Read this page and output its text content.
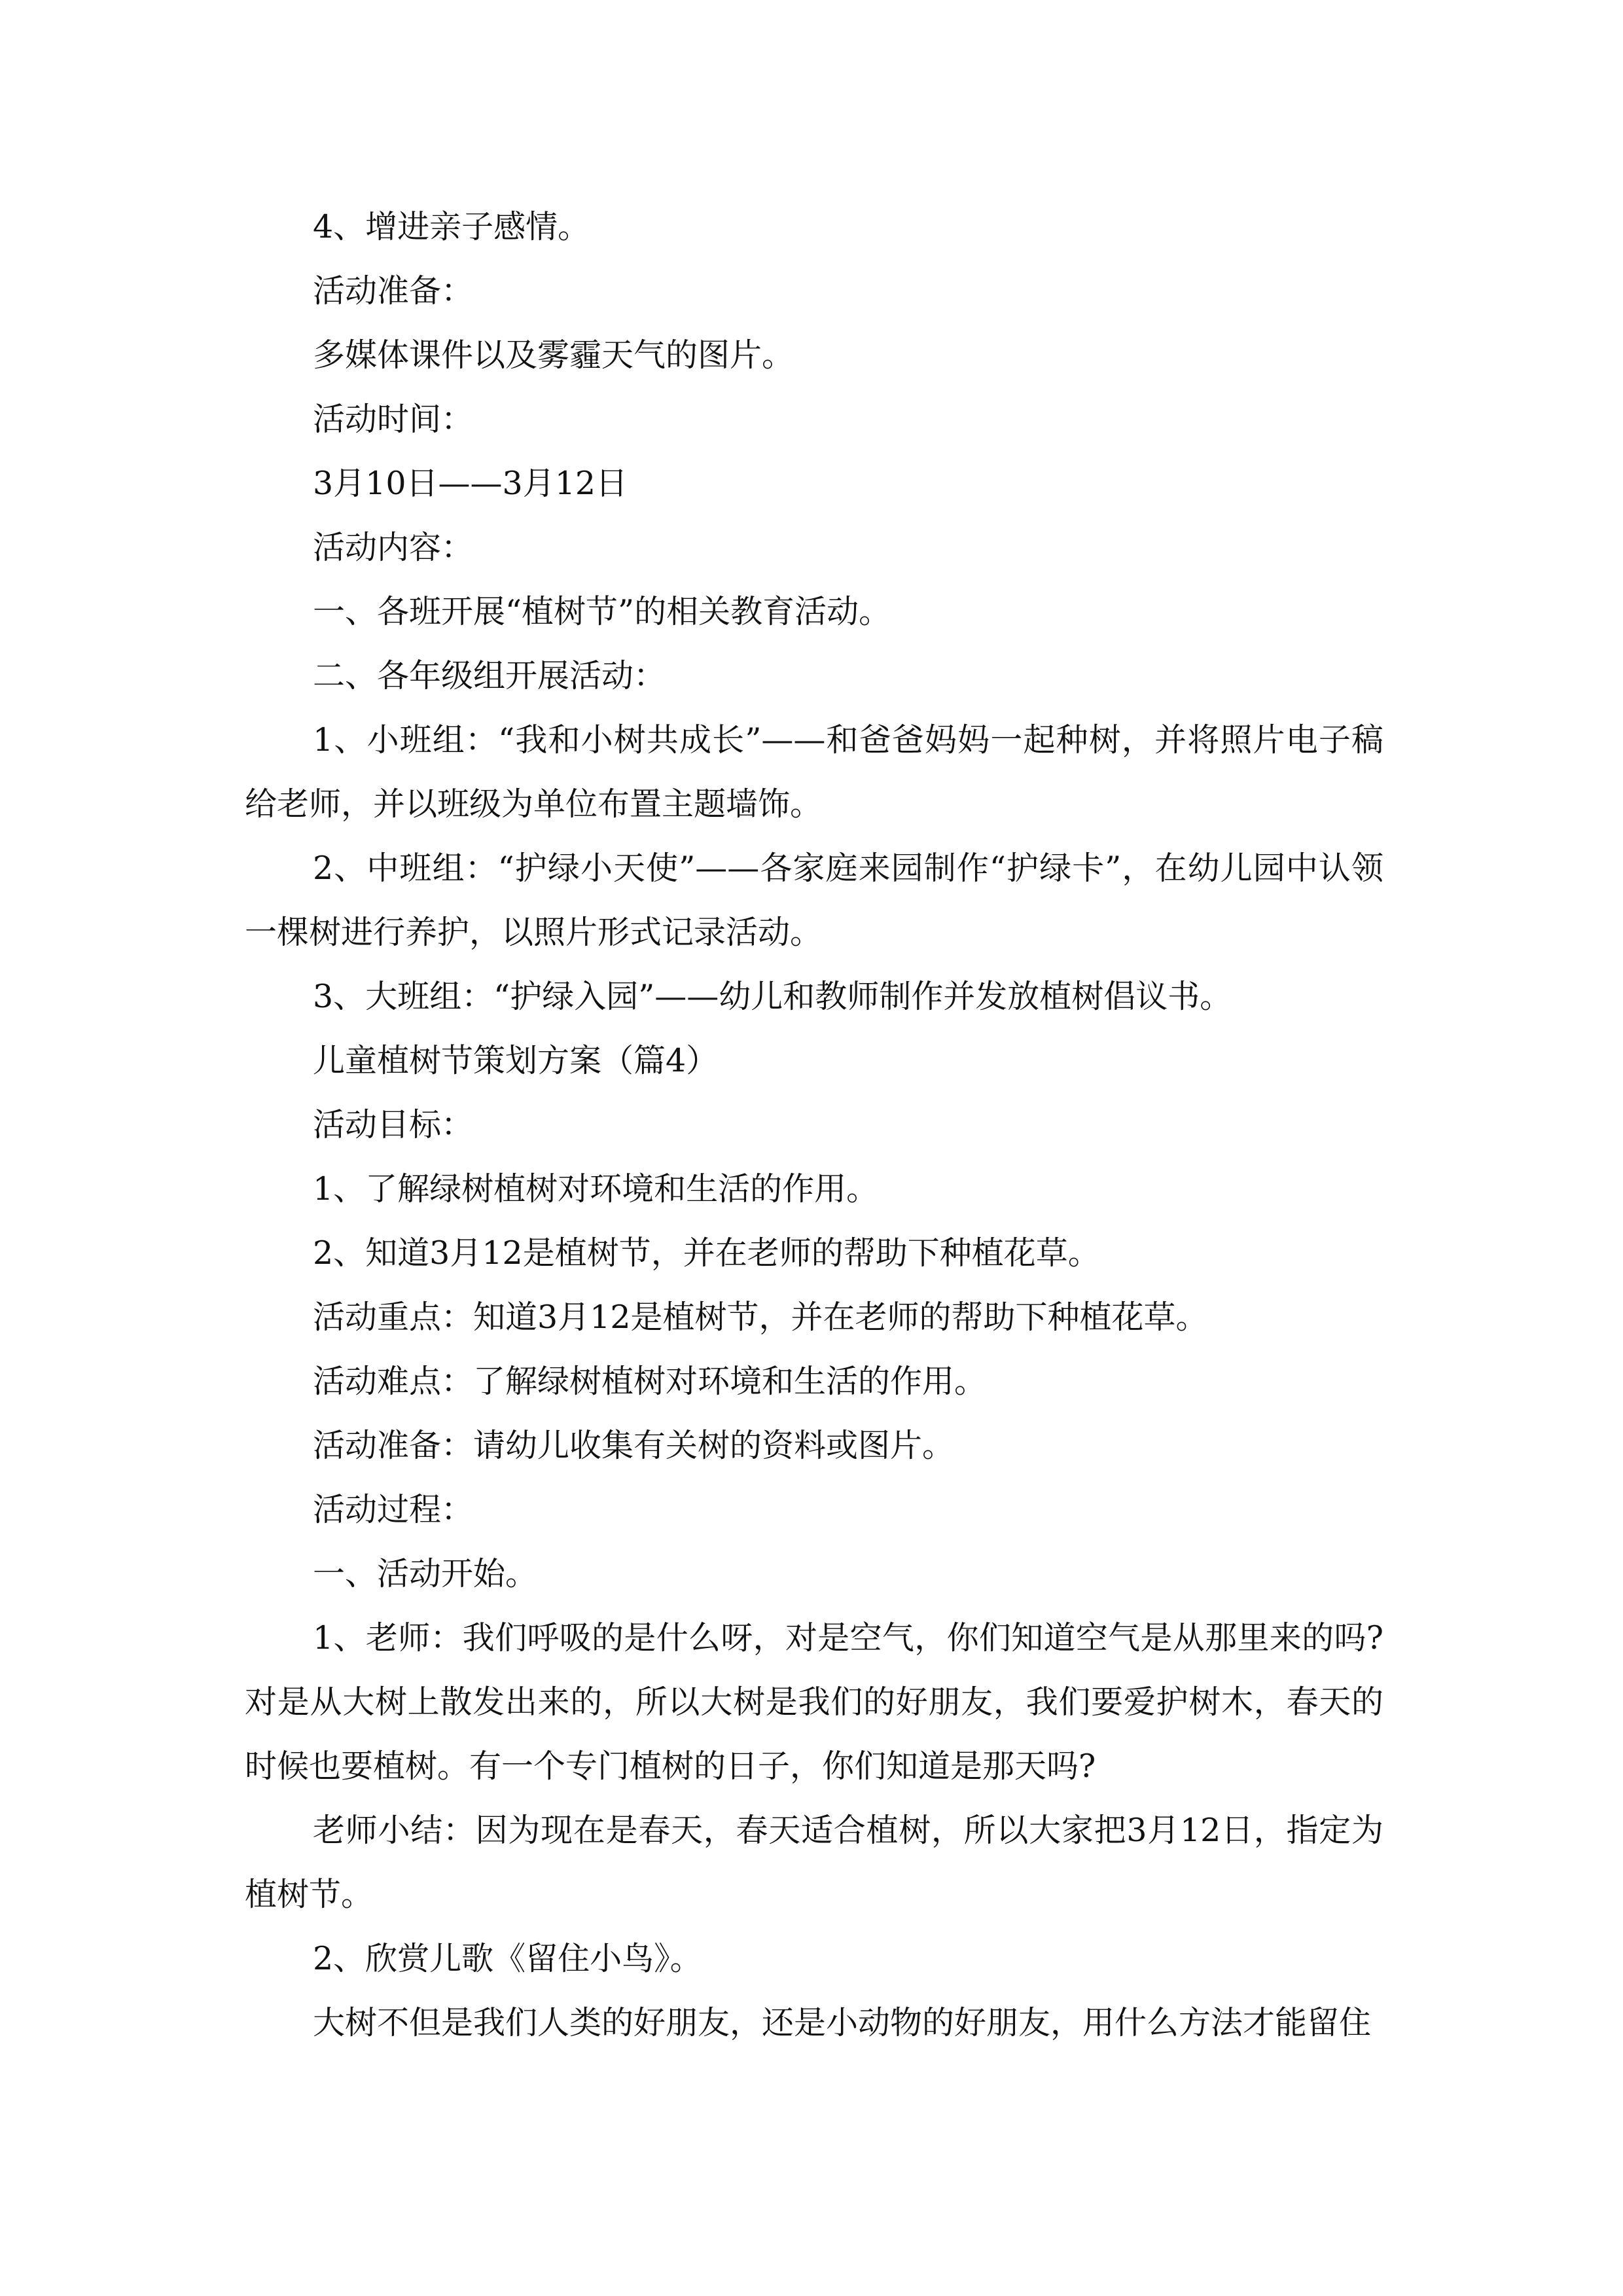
4、增进亲子感情。

活动准备：

多媒体课件以及雾霾天气的图片。

活动时间：

3月10日——3月12日

活动内容：

一、各班开展“植树节”的相关教育活动。

二、各年级组开展活动：

1、小班组：“我和小树共成长”——和爸爸妈妈一起种树，并将照片电子稿给老师，并以班级为单位布置主题墙饰。

2、中班组：“护绿小天使”——各家庭来园制作“护绿卡”，在幼儿园中认领一棵树进行养护，以照片形式记录活动。

3、大班组：“护绿入园”——幼儿和教师制作并发放植树倡议书。

儿童植树节策划方案（篇4）

活动目标：

1、了解绿树植树对环境和生活的作用。

2、知道3月12是植树节，并在老师的帮助下种植花草。

活动重点：知道3月12是植树节，并在老师的帮助下种植花草。

活动难点：了解绿树植树对环境和生活的作用。

活动准备：请幼儿收集有关树的资料或图片。

活动过程：

一、活动开始。

1、老师：我们呼吸的是什么呀，对是空气，你们知道空气是从那里来的吗?对是从大树上散发出来的，所以大树是我们的好朋友，我们要爱护树木，春天的时候也要植树。有一个专门植树的日子，你们知道是那天吗?

老师小结：因为现在是春天，春天适合植树，所以大家把3月12日，指定为植树节。

2、欣赏儿歌《留住小鸟》。

大树不但是我们人类的好朋友，还是小动物的好朋友，用什么方法才能留住
